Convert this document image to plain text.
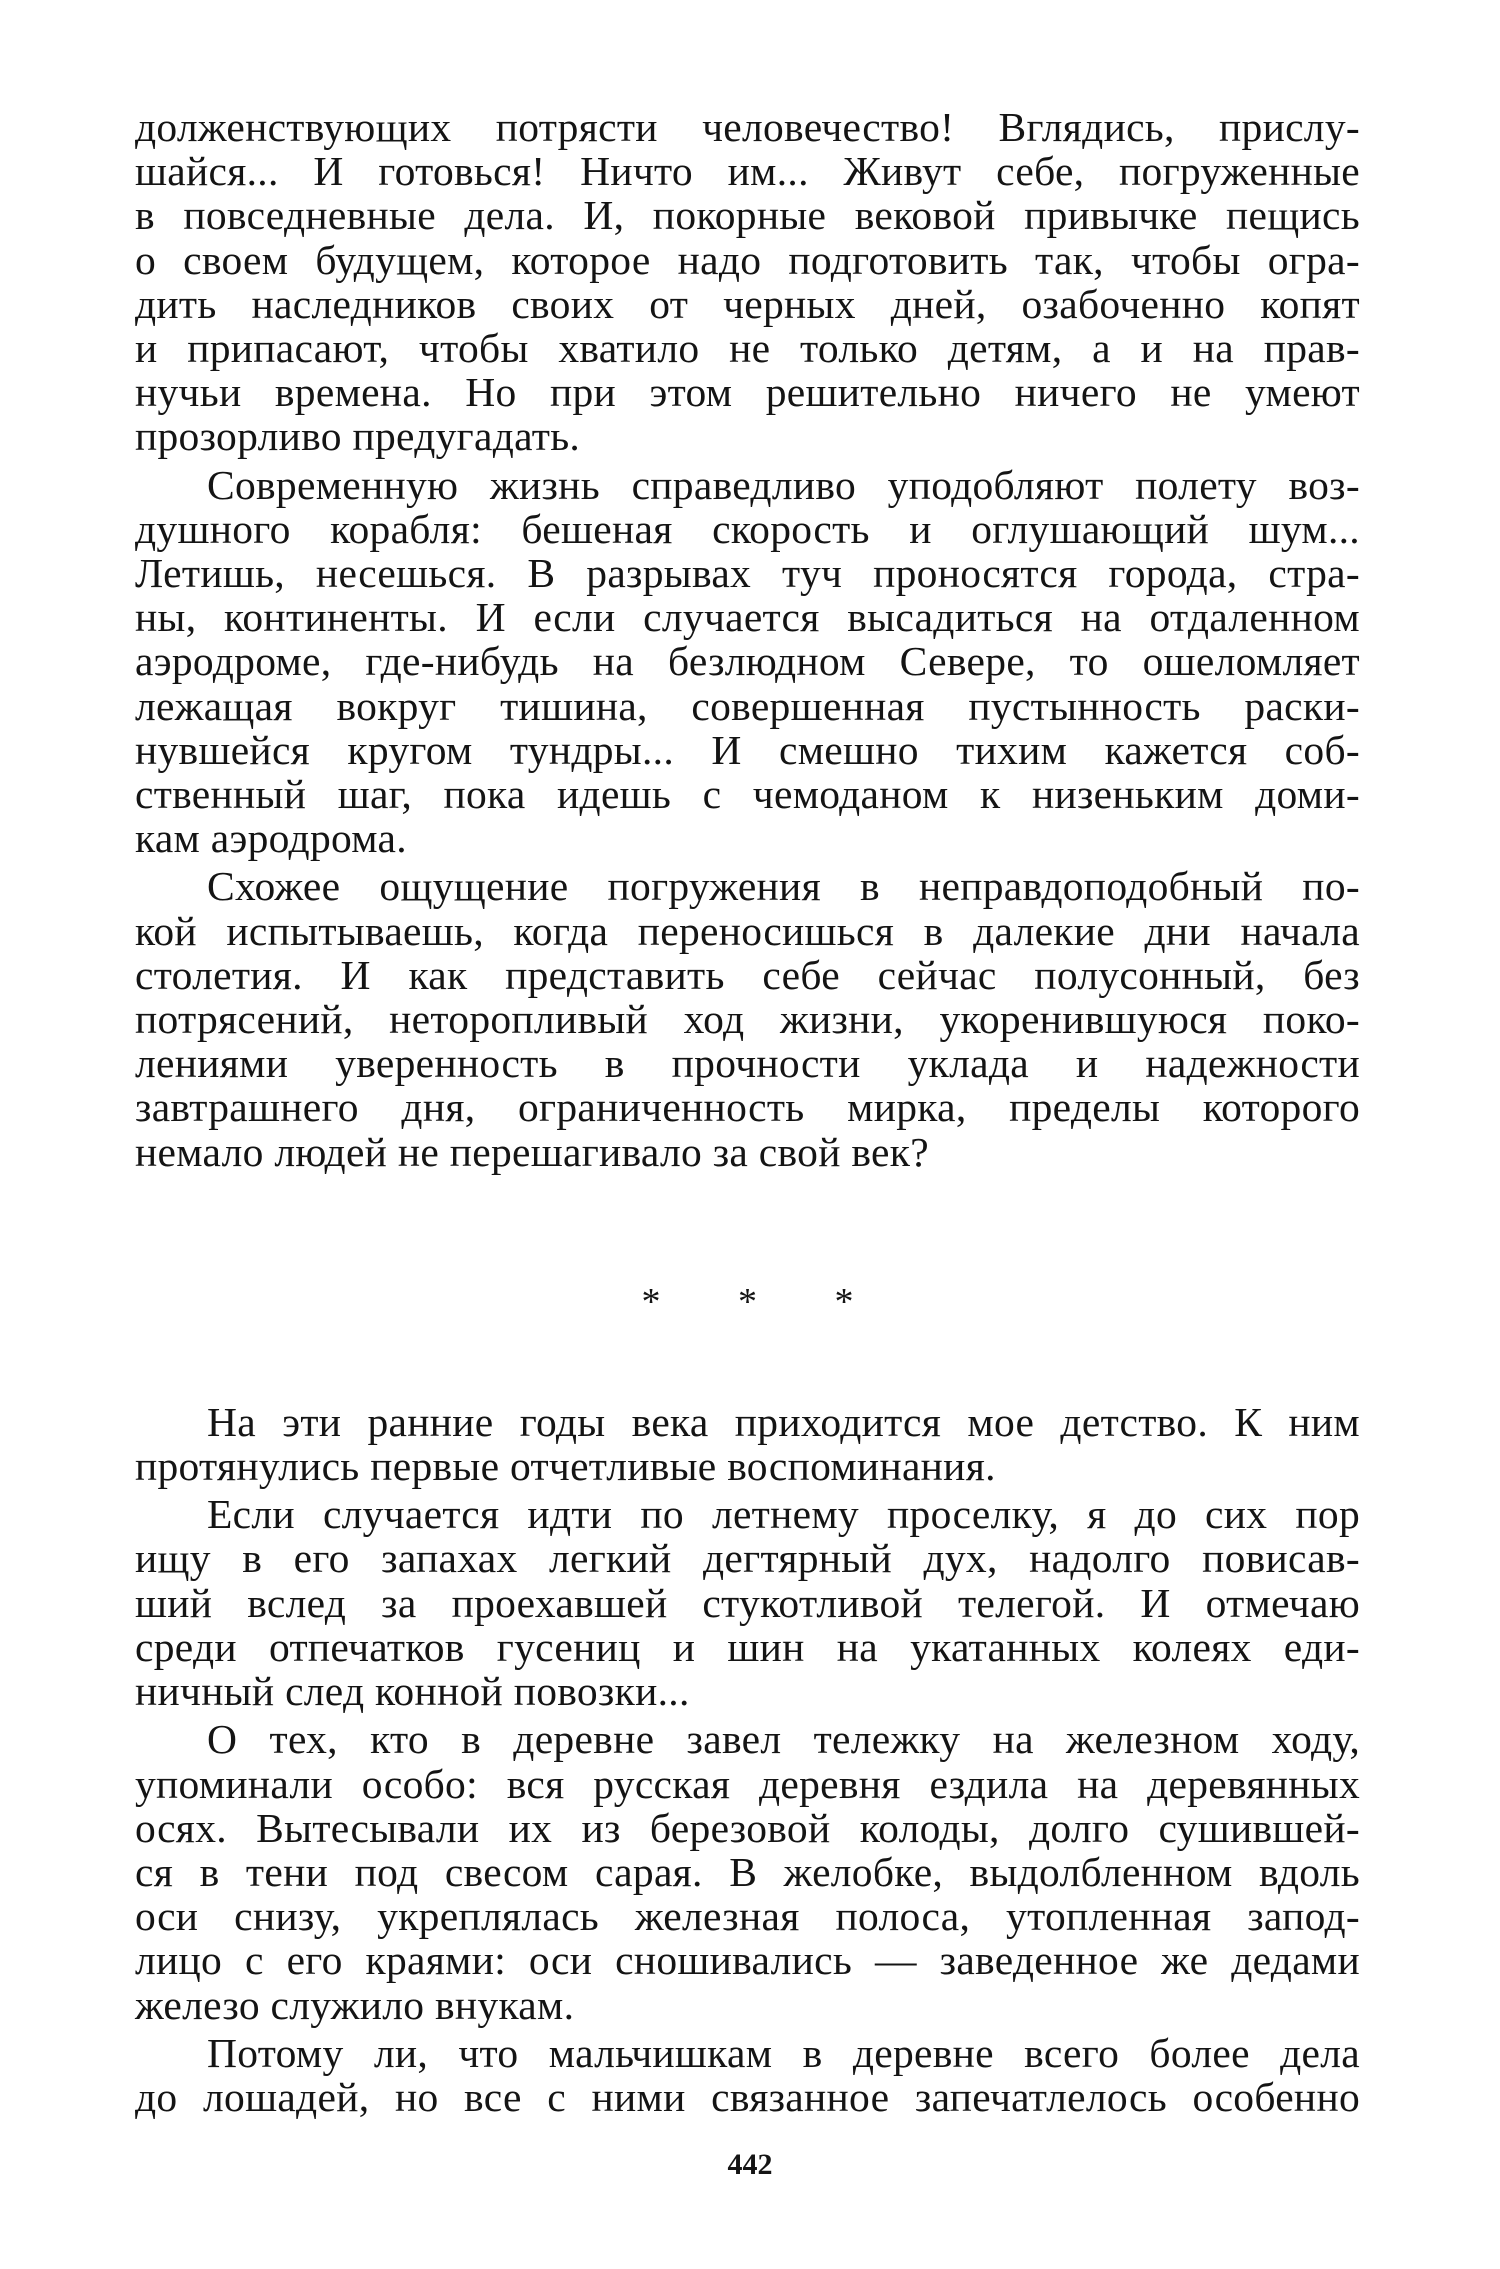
долженствующих потрясти человечество! Вглядись, прислу-
шайся... И готовься! Ничто им... Живут себе, погруженные
в повседневные дела. И, покорные вековой привычке пещись
о своем будущем, которое надо подготовить так, чтобы огра-
дить наследников своих от черных дней, озабоченно копят
и припасают, чтобы хватило не только детям, а и на прав-
нучьи времена. Но при этом решительно ничего не умеют
прозорливо предугадать.
Современную жизнь справедливо уподобляют полету воз-
душного корабля: бешеная скорость и оглушающий шум...
Летишь, несешься. В разрывах туч проносятся города, стра-
ны, континенты. И если случается высадиться на отдаленном
аэродроме, где-нибудь на безлюдном Севере, то ошеломляет
лежащая вокруг тишина, совершенная пустынность раски-
нувшейся кругом тундры... И смешно тихим кажется соб-
ственный шаг, пока идешь с чемоданом к низеньким доми-
кам аэродрома.
Схожее ощущение погружения в неправдоподобный по-
кой испытываешь, когда переносишься в далекие дни начала
столетия. И как представить себе сейчас полусонный, без
потрясений, неторопливый ход жизни, укоренившуюся поко-
лениями уверенность в прочности уклада и надежности
завтрашнего дня, ограниченность мирка, пределы которого
немало людей не перешагивало за свой век?
* * *
На эти ранние годы века приходится мое детство. К ним
протянулись первые отчетливые воспоминания.
Если случается идти по летнему проселку, я до сих пор
ищу в его запахах легкий дегтярный дух, надолго повисав-
ший вслед за проехавшей стукотливой телегой. И отмечаю
среди отпечатков гусениц и шин на укатанных колеях еди-
ничный след конной повозки...
О тех, кто в деревне завел тележку на железном ходу,
упоминали особо: вся русская деревня ездила на деревянных
осях. Вытесывали их из березовой колоды, долго сушившей-
ся в тени под свесом сарая. В желобке, выдолбленном вдоль
оси снизу, укреплялась железная полоса, утопленная запод-
лицо с его краями: оси сношивались — заведенное же дедами
железо служило внукам.
Потому ли, что мальчишкам в деревне всего более дела
до лошадей, но все с ними связанное запечатлелось особенно
442
